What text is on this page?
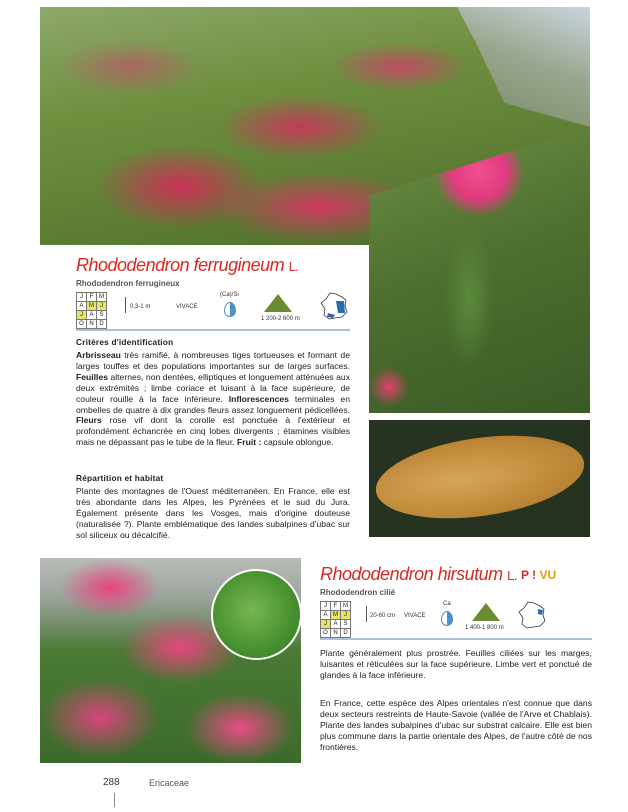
Rhododendron ferrugineum L.
Rhododendron ferrugineux
J	F	M
A	M	J
J	A	S
O	N	D
0,3-1 m	VIVACE
(Ca)/Si
1 200-2 600 m
Critères d'identification
Arbrisseau très ramifié, à nombreuses tiges tortueuses et formant de larges touffes et des populations importantes sur de larges surfaces. Feuilles alternes, non dentées, elliptiques et longuement atténuées aux deux extrémités ; limbe coriace et luisant à la face supérieure, de couleur rouille à la face inférieure. Inflorescences terminales en ombelles de quatre à dix grandes fleurs assez longuement pédicellées. Fleurs rose vif dont la corolle est ponctuée à l'extérieur et profondément échancrée en cinq lobes divergents ; étamines visibles mais ne dépassant pas le tube de la fleur. Fruit : capsule oblongue.
Répartition et habitat
Plante des montagnes de l'Ouest méditerranéen. En France, elle est très abondante dans les Alpes, les Pyrénées et le sud du Jura. Également présente dans les Vosges, mais d'origine douteuse (naturalisée ?). Plante emblématique des landes subalpines d'ubac sur sol siliceux ou décalcifié.
Rhododendron hirsutum L. P ! VU
Rhododendron cilié
J	F	M
A	M	J
J	A	S
O	N	D
20-60 cm VIVACE
Ca
1 400-1 800 m
Plante généralement plus prostrée. Feuilles ciliées sur les marges, luisantes et réticulées sur la face supérieure. Limbe vert et ponctué de glandes à la face inférieure.
En France, cette espèce des Alpes orientales n'est connue que dans deux secteurs restreints de Haute-Savoie (vallée de l'Arve et Chablais). Plante des landes subalpines d'ubac sur substrat calcaire. Elle est bien plus commune dans la partie orientale des Alpes, de l'autre côté de nos frontières.
288	Ericaceae
